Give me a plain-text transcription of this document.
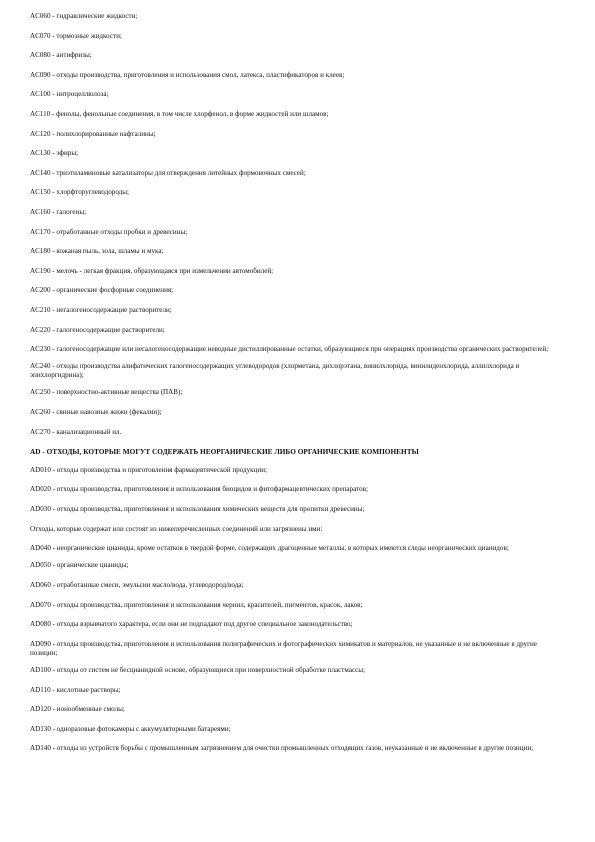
AC060 - гидравлические жидкости;
AC070 - тормозные жидкости;
AC080 - антифризы;
AC090 - отходы производства, приготовления и использования смол, латекса, пластификаторов и клеев;
AC100 - нитроцеллюлоза;
AC110 - фенолы, фенольные соединения, в том числе хлорфенол, в форме жидкостей или шламов;
AC120 - полихлорированные нафталины;
AC130 - эфиры;
AC140 - триэтиламиновые катализаторы для отверждения литейных формовочных смесей;
AC150 - хлорфторуглеводороды;
AC160 - галогены;
AC170 - отработанные отходы пробки и древесины;
AC180 - кожаная пыль, зола, шламы и мука;
AC190 - мелочь - легкая фракция, образующаяся при измельчении автомобилей;
AC200 - органические фосфорные соединения;
AC210 - негалогеносодержащие растворители;
AC220 - галогеносодержащие растворители;
AC230 - галогеносодержащие или негалогеносодержащие неводные дистиллированные остатки, образующиеся при операциях производства органических растворителей;
AC240 - отходы производства алифатических галогеносодержащих углеводородов (хлорметана, дихлорэтана, винилхлорида, винилиденхлорида, аллилхлорида и эпихлоргидрина);
AC250 - поверхностно-активные вещества (ПАВ);
AC260 - свиные навозные жижи (фекалии);
AC270 - канализационный ил.
AD - ОТХОДЫ, КОТОРЫЕ МОГУТ СОДЕРЖАТЬ НЕОРГАНИЧЕСКИЕ ЛИБО ОРГАНИЧЕСКИЕ КОМПОНЕНТЫ
AD010 - отходы производства и приготовления фармацевтической продукции;
AD020 - отходы производства, приготовления и использования биоцидов и фитофармацевтических препаратов;
AD030 - отходы производства, приготовления и использования химических веществ для пропитки древесины;
Отходы, которые содержат или состоят из нижеперечисленных соединений или загрязнены ими:
AD040 - неорганические цианиды, кроме остатков в твердой форме, содержащих драгоценные металлы, в которых имеются следы неорганических цианидов;
AD050 - органические цианиды;
AD060 - отработанные смеси, эмульсии масло/вода, углеводород/вода;
AD070 - отходы производства, приготовления и использования чернил, красителей, пигментов, красок, лаков;
AD080 - отходы взрывчатого характера, если они не подпадают под другое специальное законодательство;
AD090 - отходы производства, приготовления и использования полиграфических и фотографических химикатов и материалов, не указанные и не включенные в другие позиции;
AD100 - отходы от систем не бесцианидной основе, образующиеся при поверхностной обработке пластмассы;
AD110 - кислотные растворы;
AD120 - ионообменные смолы;
AD130 - одноразовые фотокамеры с аккумуляторными батареями;
AD140 - отходы из устройств борьбы с промышленным загрязнением для очистки промышленных отходящих газов, неуказанные и не включенные в другие позиции;
